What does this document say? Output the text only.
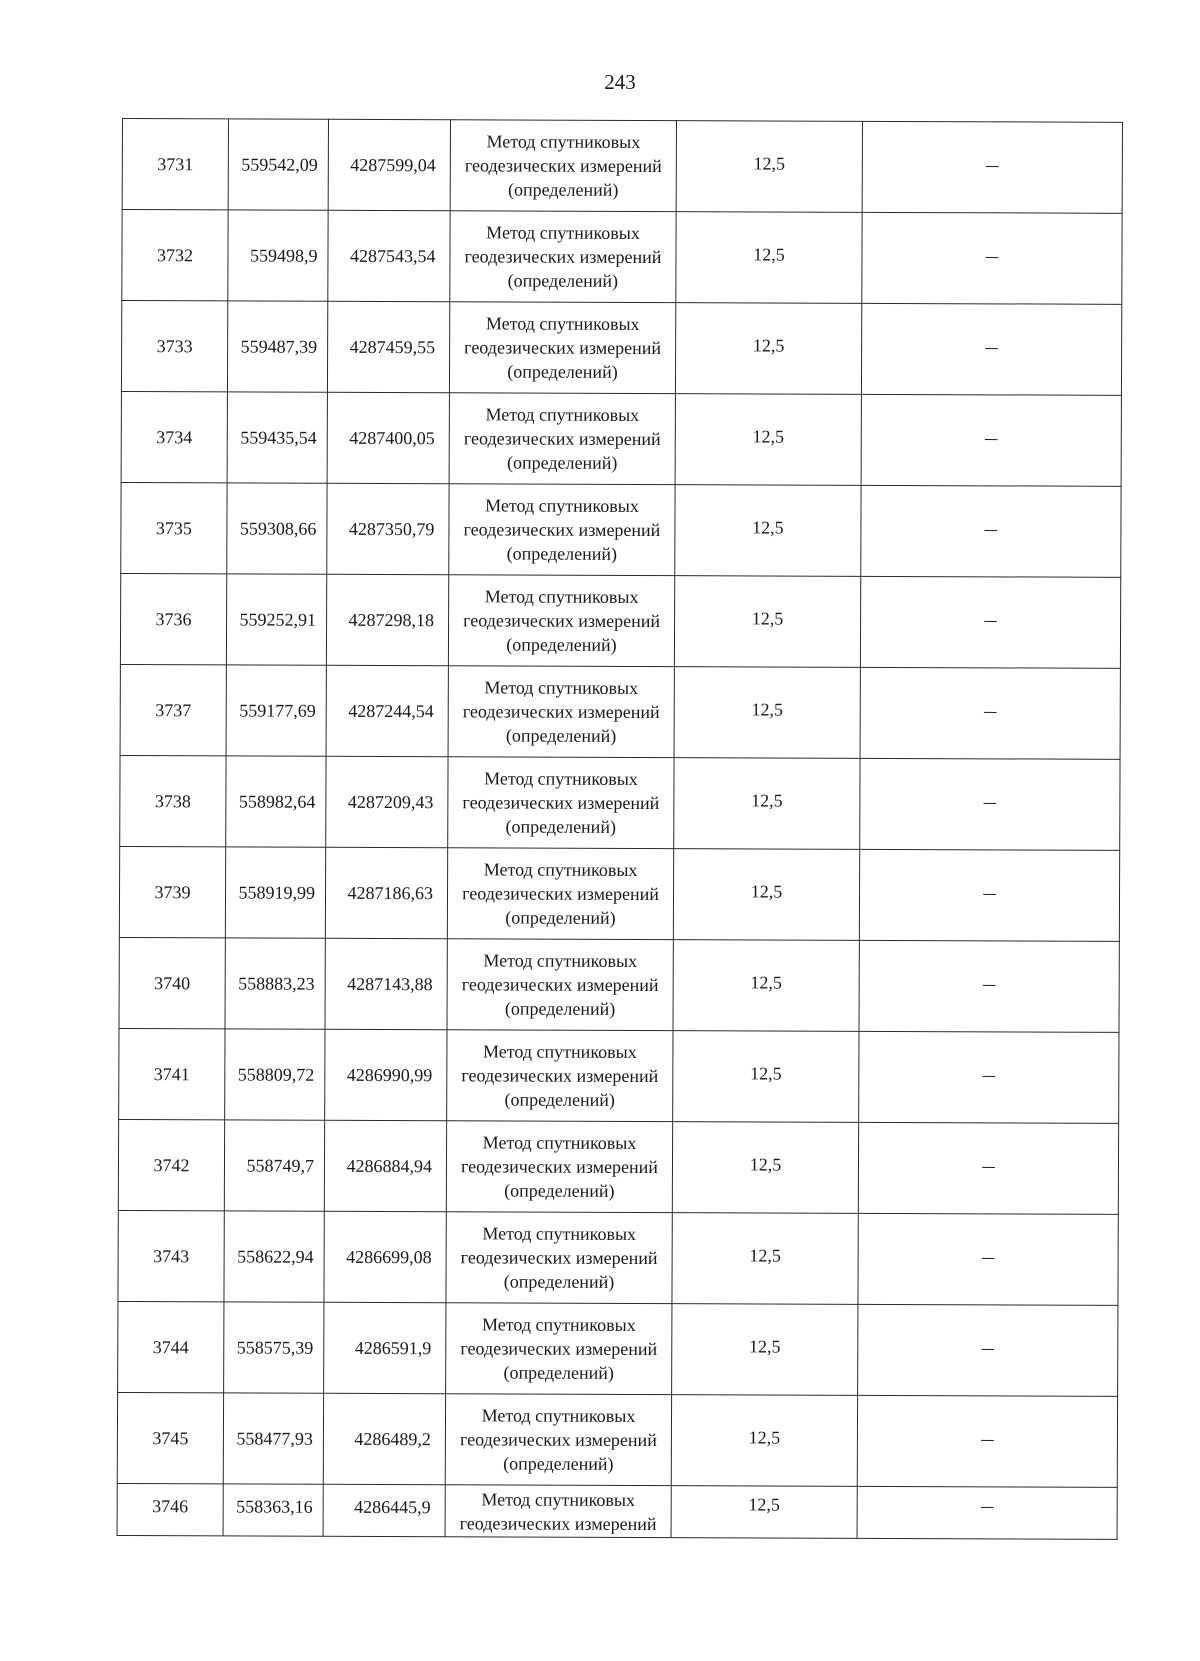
243
3731	559542,09	4287599,04	Метод спутниковых
геодезических измерений
(определений)	12,5	—
3732	559498,9	4287543,54	Метод спутниковых
геодезических измерений
(определений)	12,5	—
3733	559487,39	4287459,55	Метод спутниковых
геодезических измерений
(определений)	12,5	—
3734	559435,54	4287400,05	Метод спутниковых
геодезических измерений
(определений)	12,5	—
3735	559308,66	4287350,79	Метод спутниковых
геодезических измерений
(определений)	12,5	—
3736	559252,91	4287298,18	Метод спутниковых
геодезических измерений
(определений)	12,5	—
3737	559177,69	4287244,54	Метод спутниковых
геодезических измерений
(определений)	12,5	—
3738	558982,64	4287209,43	Метод спутниковых
геодезических измерений
(определений)	12,5	—
3739	558919,99	4287186,63	Метод спутниковых
геодезических измерений
(определений)	12,5	—
3740	558883,23	4287143,88	Метод спутниковых
геодезических измерений
(определений)	12,5	—
3741	558809,72	4286990,99	Метод спутниковых
геодезических измерений
(определений)	12,5	—
3742	558749,7	4286884,94	Метод спутниковых
геодезических измерений
(определений)	12,5	—
3743	558622,94	4286699,08	Метод спутниковых
геодезических измерений
(определений)	12,5	—
3744	558575,39	4286591,9	Метод спутниковых
геодезических измерений
(определений)	12,5	—
3745	558477,93	4286489,2	Метод спутниковых
геодезических измерений
(определений)	12,5	—
3746	558363,16	4286445,9	Метод спутниковых
геодезических измерений	12,5	—
